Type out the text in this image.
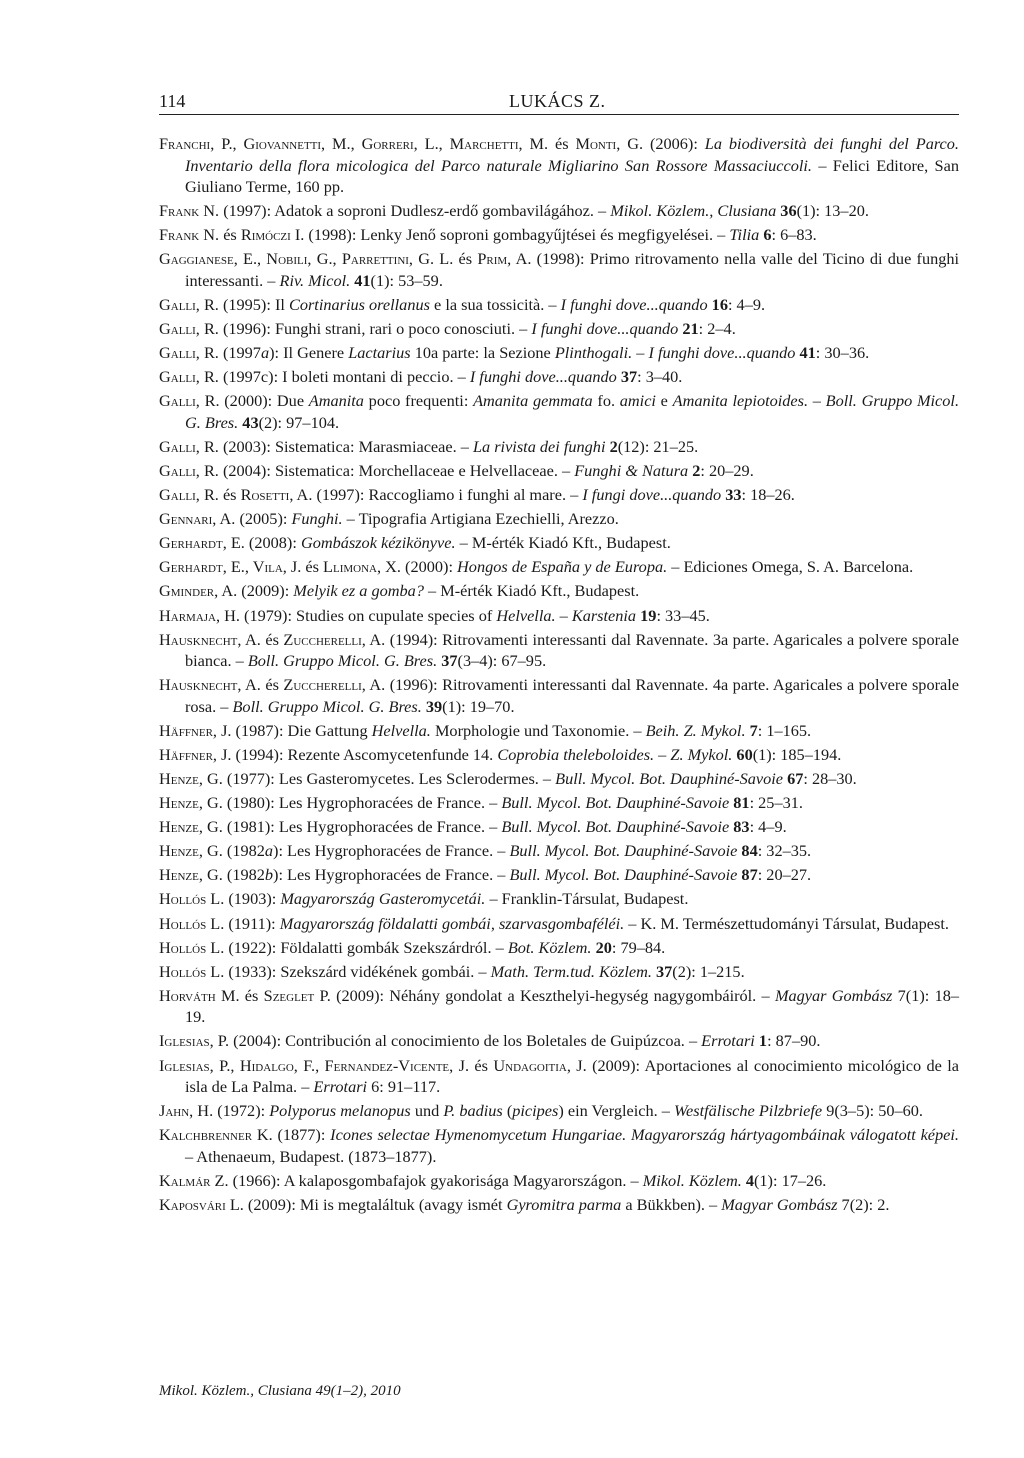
114	LUKÁCS Z.

Franchi, P., Giovannetti, M., Gorreri, L., Marchetti, M. és Monti, G. (2006): La biodiversità dei funghi del Parco. Inventario della flora micologica del Parco naturale Migliarino San Rossore Massaciuccoli. – Felici Editore, San Giuliano Terme, 160 pp.

Frank N. (1997): Adatok a soproni Dudlesz-erdő gombavilágához. – Mikol. Közlem., Clusiana 36(1): 13–20.

Frank N. és Rimóczi I. (1998): Lenky Jenő soproni gombagyűjtései és megfigyelései. – Tilia 6: 6–83.

Gaggianese, E., Nobili, G., Parrettini, G. L. és Prim, A. (1998): Primo ritrovamento nella valle del Ticino di due funghi interessanti. – Riv. Micol. 41(1): 53–59.

Galli, R. (1995): Il Cortinarius orellanus e la sua tossicità. – I funghi dove...quando 16: 4–9.

Galli, R. (1996): Funghi strani, rari o poco conosciuti. – I funghi dove...quando 21: 2–4.

Galli, R. (1997a): Il Genere Lactarius 10a parte: la Sezione Plinthogali. – I funghi dove...quando 41: 30–36.

Galli, R. (1997c): I boleti montani di peccio. – I funghi dove...quando 37: 3–40.

Galli, R. (2000): Due Amanita poco frequenti: Amanita gemmata fo. amici e Amanita lepiotoides. – Boll. Gruppo Micol. G. Bres. 43(2): 97–104.

Galli, R. (2003): Sistematica: Marasmiaceae. – La rivista dei funghi 2(12): 21–25.

Galli, R. (2004): Sistematica: Morchellaceae e Helvellaceae. – Funghi & Natura 2: 20–29.

Galli, R. és Rosetti, A. (1997): Raccogliamo i funghi al mare. – I fungi dove...quando 33: 18–26.

Gennari, A. (2005): Funghi. – Tipografia Artigiana Ezechielli, Arezzo.

Gerhardt, E. (2008): Gombászok kézikönyve. – M-érték Kiadó Kft., Budapest.

Gerhardt, E., Vila, J. és Llimona, X. (2000): Hongos de España y de Europa. – Ediciones Omega, S. A. Barcelona.

Gminder, A. (2009): Melyik ez a gomba? – M-érték Kiadó Kft., Budapest.

Harmaja, H. (1979): Studies on cupulate species of Helvella. – Karstenia 19: 33–45.

Hausknecht, A. és Zuccherelli, A. (1994): Ritrovamenti interessanti dal Ravennate. 3a parte. Agaricales a polvere sporale bianca. – Boll. Gruppo Micol. G. Bres. 37(3–4): 67–95.

Hausknecht, A. és Zuccherelli, A. (1996): Ritrovamenti interessanti dal Ravennate. 4a parte. Agaricales a polvere sporale rosa. – Boll. Gruppo Micol. G. Bres. 39(1): 19–70.

Häffner, J. (1987): Die Gattung Helvella. Morphologie und Taxonomie. – Beih. Z. Mykol. 7: 1–165.

Häffner, J. (1994): Rezente Ascomycetenfunde 14. Coprobia theleboloides. – Z. Mykol. 60(1): 185–194.

Henze, G. (1977): Les Gasteromycetes. Les Sclerodermes. – Bull. Mycol. Bot. Dauphiné-Savoie 67: 28–30.

Henze, G. (1980): Les Hygrophoracées de France. – Bull. Mycol. Bot. Dauphiné-Savoie 81: 25–31.

Henze, G. (1981): Les Hygrophoracées de France. – Bull. Mycol. Bot. Dauphiné-Savoie 83: 4–9.

Henze, G. (1982a): Les Hygrophoracées de France. – Bull. Mycol. Bot. Dauphiné-Savoie 84: 32–35.

Henze, G. (1982b): Les Hygrophoracées de France. – Bull. Mycol. Bot. Dauphiné-Savoie 87: 20–27.

Hollós L. (1903): Magyarország Gasteromycetái. – Franklin-Társulat, Budapest.

Hollós L. (1911): Magyarország földalatti gombái, szarvasgombaféléi. – K. M. Természettudományi Társulat, Budapest.

Hollós L. (1922): Földalatti gombák Szekszárdról. – Bot. Közlem. 20: 79–84.

Hollós L. (1933): Szekszárd vidékének gombái. – Math. Term.tud. Közlem. 37(2): 1–215.

Horváth M. és Szeglet P. (2009): Néhány gondolat a Keszthelyi-hegység nagygombáiról. – Magyar Gombász 7(1): 18–19.

Iglesias, P. (2004): Contribución al conocimiento de los Boletales de Guipúzcoa. – Errotari 1: 87–90.

Iglesias, P., Hidalgo, F., Fernandez-Vicente, J. és Undagoitia, J. (2009): Aportaciones al conocimiento micológico de la isla de La Palma. – Errotari 6: 91–117.

Jahn, H. (1972): Polyporus melanopus und P. badius (picipes) ein Vergleich. – Westfälische Pilzbriefe 9(3–5): 50–60.

Kalchbrenner K. (1877): Icones selectae Hymenomycetum Hungariae. Magyarország hártyagombáinak válogatott képei. – Athenaeum, Budapest. (1873–1877).

Kalmár Z. (1966): A kalaposgombafajok gyakorisága Magyarországon. – Mikol. Közlem. 4(1): 17–26.

Kaposvári L. (2009): Mi is megtaláltuk (avagy ismét Gyromitra parma a Bükkben). – Magyar Gombász 7(2): 2.

Mikol. Közlem., Clusiana 49(1–2), 2010
